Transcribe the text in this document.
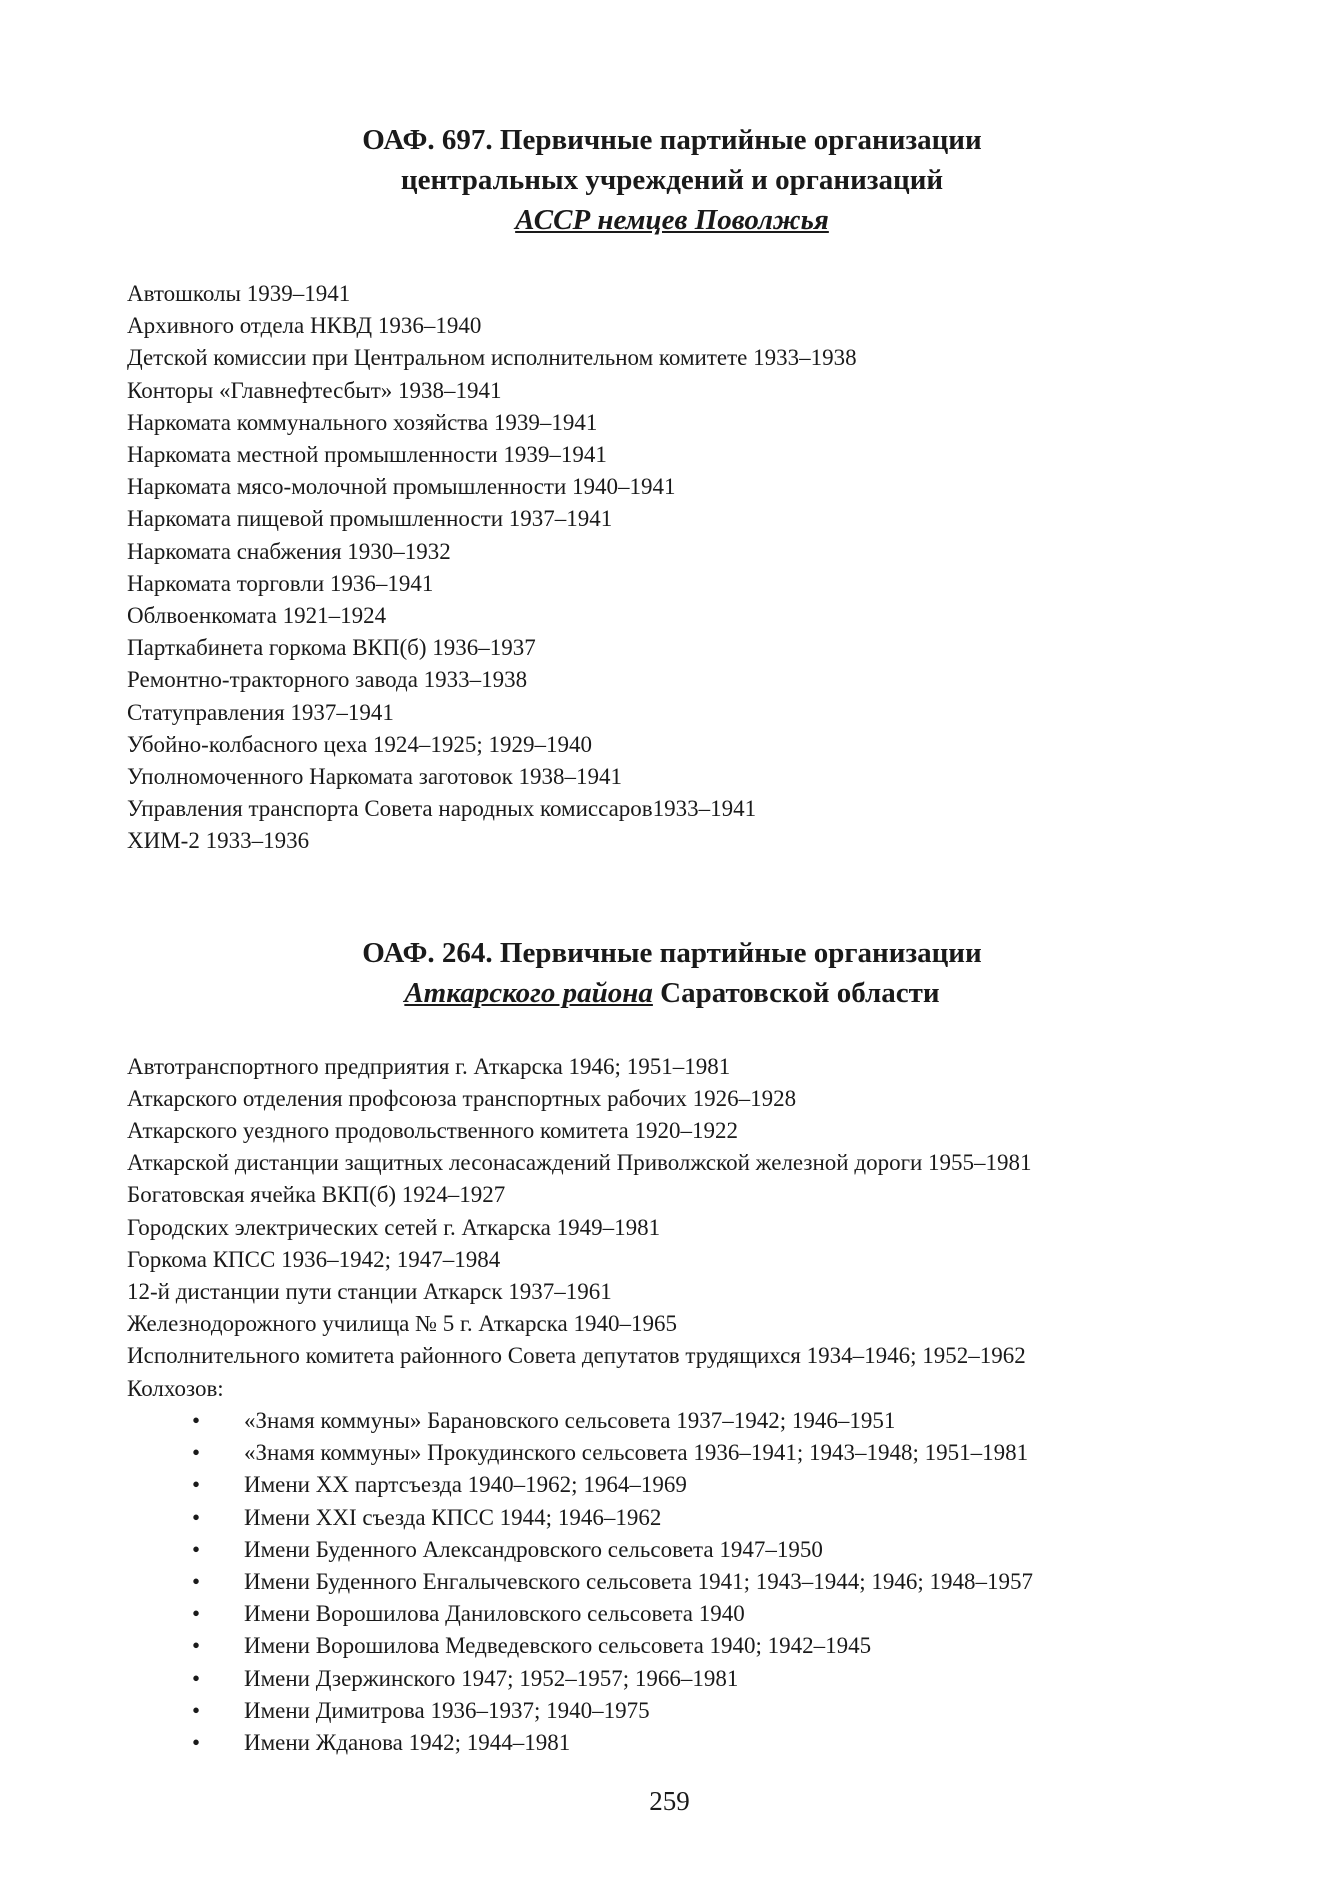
ОАФ. 697. Первичные партийные организации
центральных учреждений и организаций
АССР немцев Поволжья
Автошколы 1939–1941
Архивного отдела НКВД 1936–1940
Детской комиссии при Центральном исполнительном комитете 1933–1938
Конторы «Главнефтесбыт» 1938–1941
Наркомата коммунального хозяйства 1939–1941
Наркомата местной промышленности 1939–1941
Наркомата мясо-молочной промышленности 1940–1941
Наркомата пищевой промышленности 1937–1941
Наркомата снабжения 1930–1932
Наркомата торговли 1936–1941
Облвоенкомата 1921–1924
Парткабинета горкома ВКП(б) 1936–1937
Ремонтно-тракторного завода 1933–1938
Статуправления 1937–1941
Убойно-колбасного цеха 1924–1925; 1929–1940
Уполномоченного Наркомата заготовок 1938–1941
Управления транспорта Совета народных комиссаров1933–1941
ХИМ-2 1933–1936
ОАФ. 264. Первичные партийные организации
Аткарского района Саратовской области
Автотранспортного предприятия г. Аткарска 1946; 1951–1981
Аткарского отделения профсоюза транспортных рабочих 1926–1928
Аткарского уездного продовольственного комитета 1920–1922
Аткарской дистанции защитных лесонасаждений Приволжской железной дороги 1955–1981
Богатовская ячейка ВКП(б) 1924–1927
Городских электрических сетей г. Аткарска 1949–1981
Горкома КПСС 1936–1942; 1947–1984
12-й дистанции пути станции Аткарск 1937–1961
Железнодорожного училища № 5 г. Аткарска 1940–1965
Исполнительного комитета районного Совета депутатов трудящихся 1934–1946; 1952–1962
Колхозов:
• «Знамя коммуны» Барановского сельсовета 1937–1942; 1946–1951
• «Знамя коммуны» Прокудинского сельсовета 1936–1941; 1943–1948; 1951–1981
• Имени XX партсъезда 1940–1962; 1964–1969
• Имени XXI съезда КПСС 1944; 1946–1962
• Имени Буденного Александровского сельсовета 1947–1950
• Имени Буденного Енгалычевского сельсовета 1941; 1943–1944; 1946; 1948–1957
• Имени Ворошилова Даниловского сельсовета 1940
• Имени Ворошилова Медведевского сельсовета 1940; 1942–1945
• Имени Дзержинского 1947; 1952–1957; 1966–1981
• Имени Димитрова 1936–1937; 1940–1975
• Имени Жданова 1942; 1944–1981
259
